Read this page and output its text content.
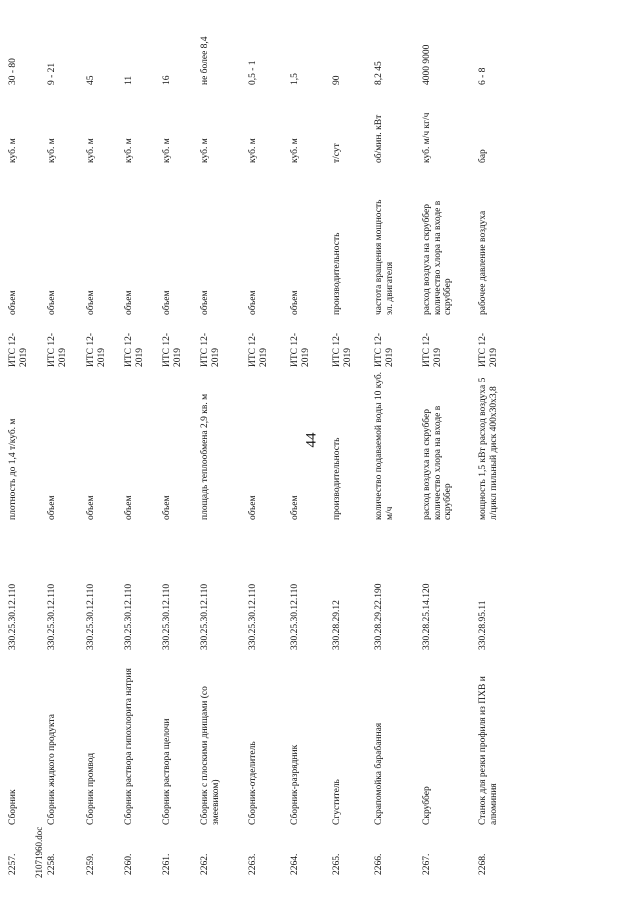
44
21071960.doc
2257.
Сборник
330.25.30.12.110
плотность до 1,4 т/куб. м
ИТС 12-2019
объем
куб. м
30 - 80
2258.
Сборник жидкого продукта
330.25.30.12.110
объем
ИТС 12-2019
объем
куб. м
9 - 21
2259.
Сборник промвод
330.25.30.12.110
объем
ИТС 12-2019
объем
куб. м
45
2260.
Сборник раствора гипохлорита натрия
330.25.30.12.110
объем
ИТС 12-2019
объем
куб. м
11
2261.
Сборник раствора щелочи
330.25.30.12.110
объем
ИТС 12-2019
объем
куб. м
16
2262.
Сборник с плоскими днищами (со змеевиком)
330.25.30.12.110
площадь теплообмена 2,9 кв. м
ИТС 12-2019
объем
куб. м
не более 8,4
2263.
Сборник-отделитель
330.25.30.12.110
объем
ИТС 12-2019
объем
куб. м
0,5 - 1
2264.
Сборник-разрядник
330.25.30.12.110
объем
ИТС 12-2019
объем
куб. м
1,5
2265.
Сгуститель
330.28.29.12
производительность
ИТС 12-2019
производительность
т/сут
90
2266.
Скрапомойка барабанная
330.28.29.22.190
количество подаваемой воды 10 куб. м/ч
ИТС 12-2019
частота вращения мощность эл. двигателя
об/мин. кВт
8,2 45
2267.
Скруббер
330.28.25.14.120
расход воздуха на скруббер количество хлора на входе в скруббер
ИТС 12-2019
расход воздуха на скруббер количество хлора на входе в скруббер
куб. м/ч кг/ч
4000 9000
2268.
Станок для резки профиля из ПХВ и алюминия
330.28.95.11
мощность 1,5 кВт расход воздуха 5 л/цикл пильный диск 400х30х3,8
ИТС 12-2019
рабочее давление воздуха
бар
6 - 8
